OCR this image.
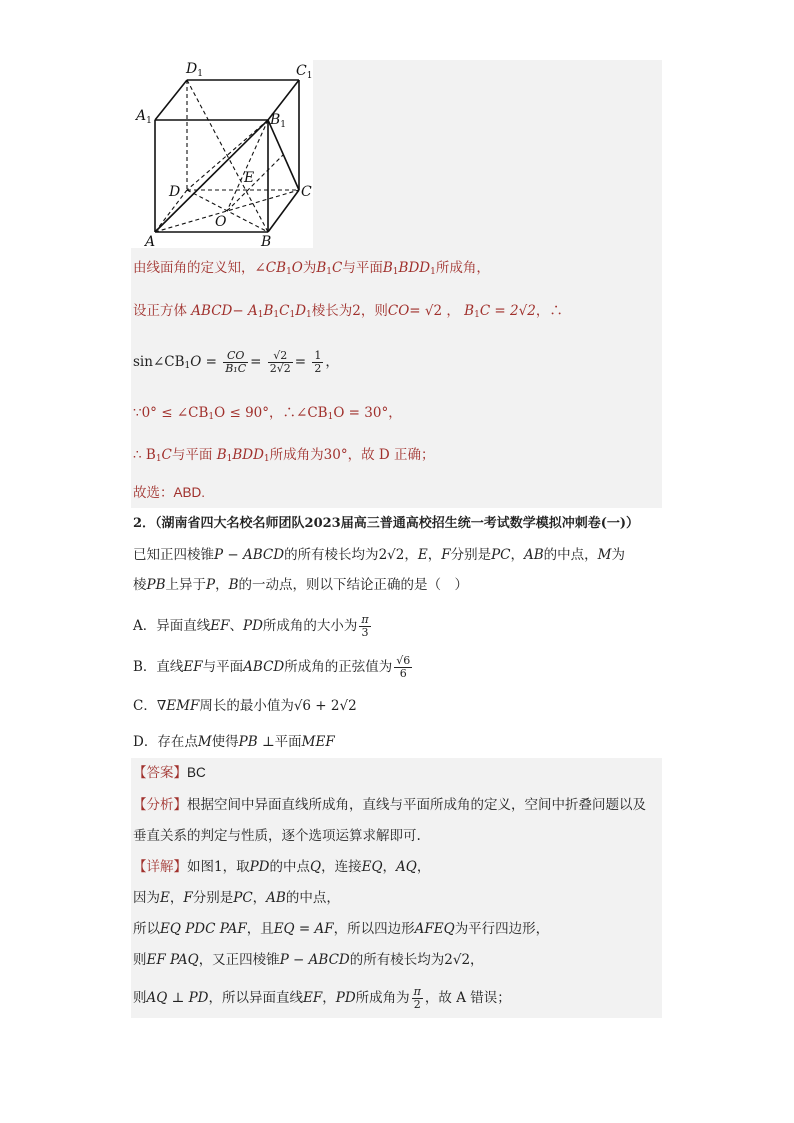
$D_1$	$C_1$
$A_1$	$B_1$
D	C
E
O
A	B
由线面角的定义知，$\angle CB_1O$为$B_1C$与平面$B_1BDD_1$所成角，
设正方体 ABCD− $A_1B_1C_1D_1$棱长为2，则CO= √2 ， $B_1C = 2√2$，∴
$\sin\angle CB_1O = \frac{CO}{\text{B₁C}} = \frac{√2}{2√2} = \frac{1}{2}$ ，
∵0° ≤ $\angle CB_1O \le 90^\circ$，$\therefore\angle CB_1O = 30^\circ$，
∴ $B_1C$与平面 $B_1BDD_1$所成角为30°，故 D 正确；
故选：ABD.
2．（湖南省四大名校名师团队2023届高三普通高校招生统一考试数学模拟冲刺卷(一)）
已知正四棱锥P − ABCD的所有棱长均为2√2，E，F分别是PC，AB的中点，M为
棱PB上异于P，B的一动点，则以下结论正确的是（　）
A．异面直线EF、PD所成角的大小为 $\frac{\pi}{3}$
B．直线EF与平面ABCD所成角的正弦值为 $\frac{√6}{6}$
C．∇EMF周长的最小值为√6 + 2√2
D．存在点M使得PB ⊥平面MEF
【答案】BC
【分析】根据空间中异面直线所成角，直线与平面所成角的定义，空间中折叠问题以及
垂直关系的判定与性质，逐个选项运算求解即可.
【详解】如图1，取PD的中点Q，连接EQ，AQ，
因为E，F分别是PC，AB的中点，
所以EQ PDC PAF，且EQ = AF，所以四边形AFEQ为平行四边形，
则EF PAQ，又正四棱锥P − ABCD的所有棱长均为2√2，
则AQ ⊥ PD，所以异面直线EF，PD所成角为 $\frac{\pi}{2}$ ，故 A 错误；
